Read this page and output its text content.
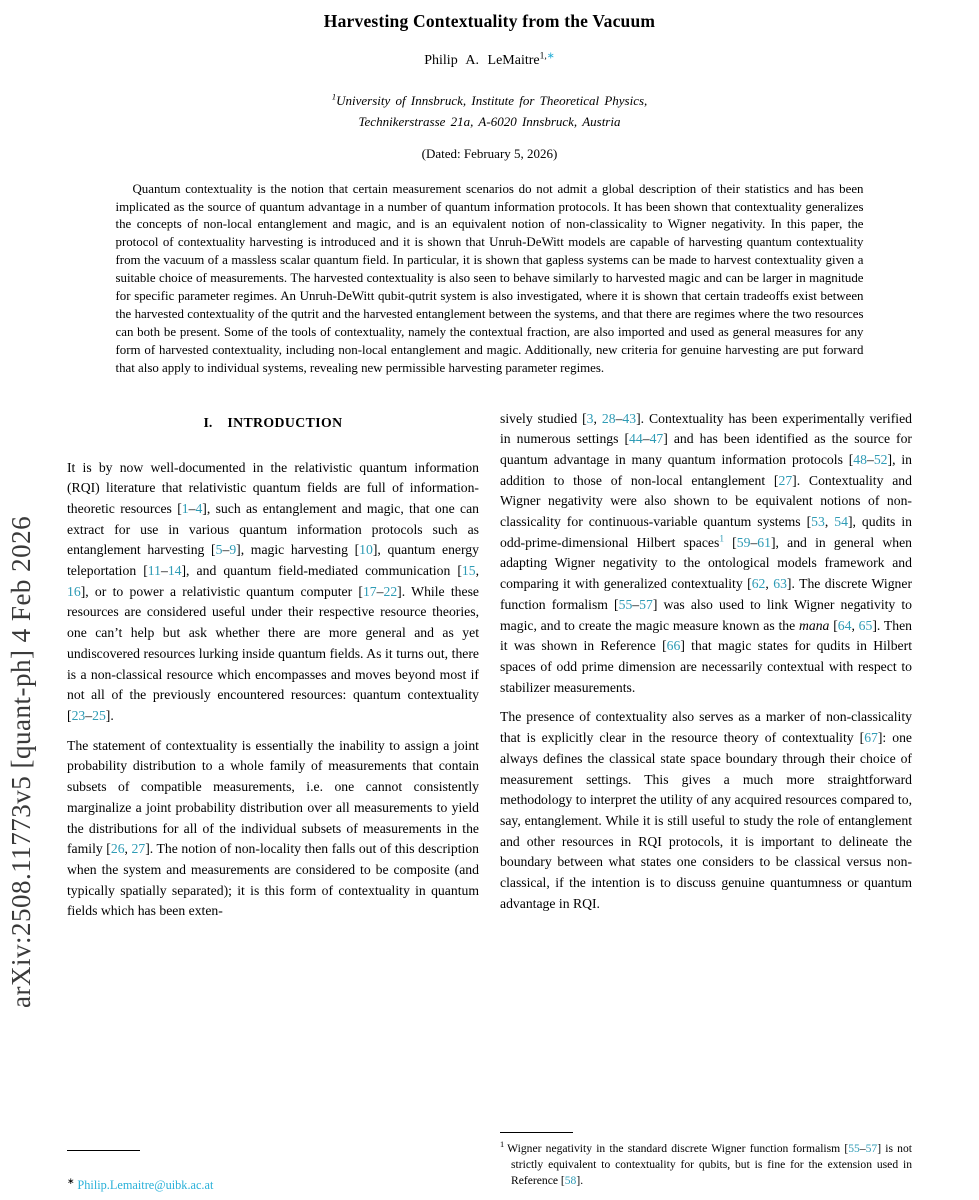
arXiv:2508.11773v5 [quant-ph] 4 Feb 2026
Harvesting Contextuality from the Vacuum
Philip A. LeMaitre$^{1,∗}$
$^1$University of Innsbruck, Institute for Theoretical Physics,
Technikerstrasse 21a, A-6020 Innsbruck, Austria
(Dated: February 5, 2026)

Quantum contextuality is the notion that certain measurement scenarios do not admit a global description of their statistics and has been implicated as the source of quantum advantage in a number of quantum information protocols. It has been shown that contextuality generalizes the concepts of non-local entanglement and magic, and is an equivalent notion of non-classicality to Wigner negativity. In this paper, the protocol of contextuality harvesting is introduced and it is shown that Unruh-DeWitt models are capable of harvesting quantum contextuality from the vacuum of a massless scalar quantum field. In particular, it is shown that gapless systems can be made to harvest contextuality given a suitable choice of measurements. The harvested contextuality is also seen to behave similarly to harvested magic and can be larger in magnitude for specific parameter regimes. An Unruh-DeWitt qubit-qutrit system is also investigated, where it is shown that certain tradeoffs exist between the harvested contextuality of the qutrit and the harvested entanglement between the systems, and that there are regimes where the two resources can both be present. Some of the tools of contextuality, namely the contextual fraction, are also imported and used as general measures for any form of harvested contextuality, including non-local entanglement and magic. Additionally, new criteria for genuine harvesting are put forward that also apply to individual systems, revealing new permissible harvesting parameter regimes.

I. INTRODUCTION

It is by now well-documented in the relativistic quantum information (RQI) literature that relativistic quantum fields are full of information-theoretic resources [1–4], such as entanglement and magic, that one can extract for use in various quantum information protocols such as entanglement harvesting [5–9], magic harvesting [10], quantum energy teleportation [11–14], and quantum field-mediated communication [15, 16], or to power a relativistic quantum computer [17–22]. While these resources are considered useful under their respective resource theories, one can’t help but ask whether there are more general and as yet undiscovered resources lurking inside quantum fields. As it turns out, there is a non-classical resource which encompasses and moves beyond most if not all of the previously encountered resources: quantum contextuality [23–25].

The statement of contextuality is essentially the inability to assign a joint probability distribution to a whole family of measurements that contain subsets of compatible measurements, i.e. one cannot consistently marginalize a joint probability distribution over all measurements to yield the distributions for all of the individual subsets of measurements in the family [26, 27]. The notion of non-locality then falls out of this description when the system and measurements are considered to be composite (and typically spatially separated); it is this form of contextuality in quantum fields which has been exten-

sively studied [3, 28–43]. Contextuality has been experimentally verified in numerous settings [44–47] and has been identified as the source for quantum advantage in many quantum information protocols [48–52], in addition to those of non-local entanglement [27]. Contextuality and Wigner negativity were also shown to be equivalent notions of non-classicality for continuous-variable quantum systems [53, 54], qudits in odd-prime-dimensional Hilbert spaces$^1$ [59–61], and in general when adapting Wigner negativity to the ontological models framework and comparing it with generalized contextuality [62, 63]. The discrete Wigner function formalism [55–57] was also used to link Wigner negativity to magic, and to create the magic measure known as the mana [64, 65]. Then it was shown in Reference [66] that magic states for qudits in Hilbert spaces of odd prime dimension are necessarily contextual with respect to stabilizer measurements.

The presence of contextuality also serves as a marker of non-classicality that is explicitly clear in the resource theory of contextuality [67]: one always defines the classical state space boundary through their choice of measurement settings. This gives a much more straightforward methodology to interpret the utility of any acquired resources compared to, say, entanglement. While it is still useful to study the role of entanglement and other resources in RQI protocols, it is important to delineate the boundary between what states one considers to be classical versus non-classical, if the intention is to discuss genuine quantumness or quantum advantage in RQI.

∗ Philip.Lemaitre@uibk.ac.at
$^1$ Wigner negativity in the standard discrete Wigner function formalism [55–57] is not strictly equivalent to contextuality for qubits, but is fine for the extension used in Reference [58].
